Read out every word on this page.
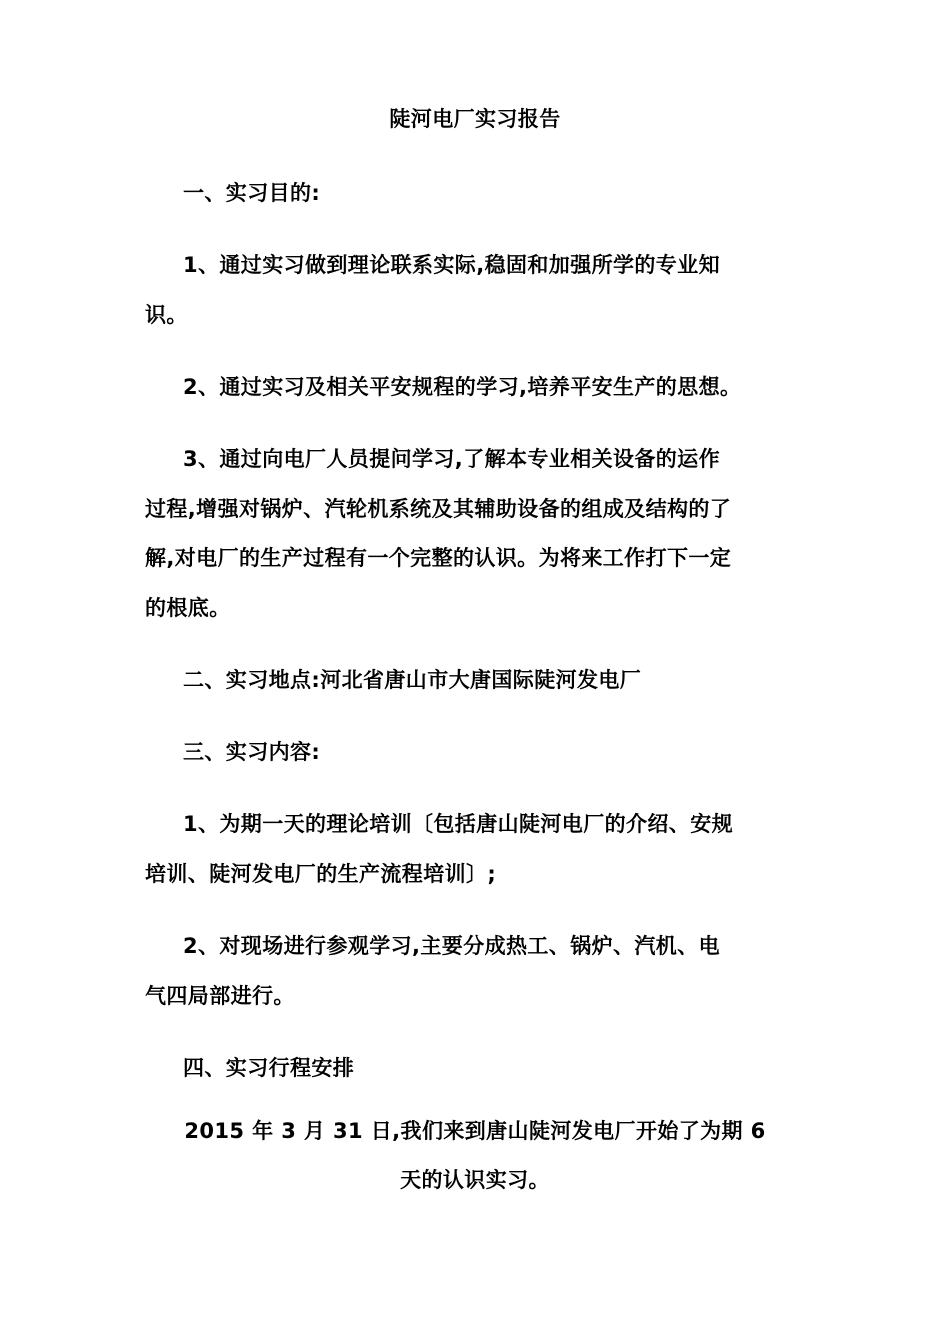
陡河电厂实习报告
一、实习目的:
1、通过实习做到理论联系实际,稳固和加强所学的专业知
识。
2、通过实习及相关平安规程的学习,培养平安生产的思想。
3、通过向电厂人员提问学习,了解本专业相关设备的运作
过程,增强对锅炉、汽轮机系统及其辅助设备的组成及结构的了
解,对电厂的生产过程有一个完整的认识。为将来工作打下一定
的根底。
二、实习地点:河北省唐山市大唐国际陡河发电厂
三、实习内容:
1、为期一天的理论培训〔包括唐山陡河电厂的介绍、安规
培训、陡河发电厂的生产流程培训〕;
2、对现场进行参观学习,主要分成热工、锅炉、汽机、电
气四局部进行。
四、实习行程安排
2015 年 3 月 31 日,我们来到唐山陡河发电厂开始了为期 6
天的认识实习。
